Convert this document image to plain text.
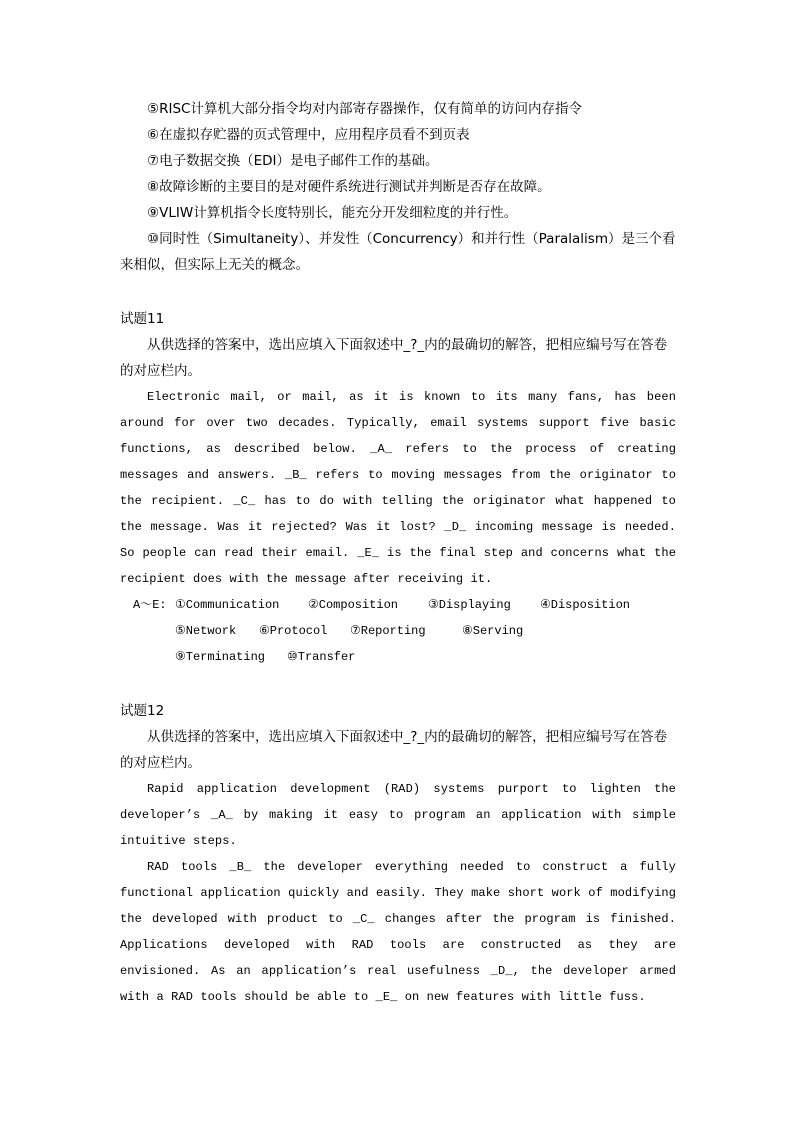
⑤RISC计算机大部分指令均对内部寄存器操作，仅有简单的访问内存指令

⑥在虚拟存贮器的页式管理中，应用程序员看不到页表

⑦电子数据交换（EDI）是电子邮件工作的基础。

⑧故障诊断的主要目的是对硬件系统进行测试并判断是否存在故障。

⑨VLIW计算机指令长度特别长，能充分开发细粒度的并行性。

⑩同时性（Simultaneity）、并发性（Concurrency）和并行性（Paralalism）是三个看来相似，但实际上无关的概念。

试题11

从供选择的答案中，选出应填入下面叙述中_?_内的最确切的解答，把相应编号写在答卷的对应栏内。

Electronic mail, or mail, as it is known to its many fans, has been around for over two decades. Typically, email systems support five basic functions, as described below. _A_ refers to the process of creating messages and answers. _B_ refers to moving messages from the originator to the recipient. _C_ has to do with telling the originator what happened to the message. Was it rejected? Was it lost? _D_ incoming message is needed. So people can read their email. _E_ is the final step and concerns what the recipient does with the message after receiving it.

A～E: ①Communication	②Composition	③Displaying	④Disposition
⑤Network	⑥Protocol	⑦Reporting	⑧Serving
⑨Terminating	⑩Transfer

试题12

从供选择的答案中，选出应填入下面叙述中_?_内的最确切的解答，把相应编号写在答卷的对应栏内。

Rapid application development (RAD) systems purport to lighten the developer’s _A_ by making it easy to program an application with simple intuitive steps.

RAD tools _B_ the developer everything needed to construct a fully functional application quickly and easily. They make short work of modifying the developed with product to _C_ changes after the program is finished. Applications developed with RAD tools are constructed as they are envisioned. As an application’s real usefulness _D_, the developer armed with a RAD tools should be able to _E_ on new features with little fuss.
